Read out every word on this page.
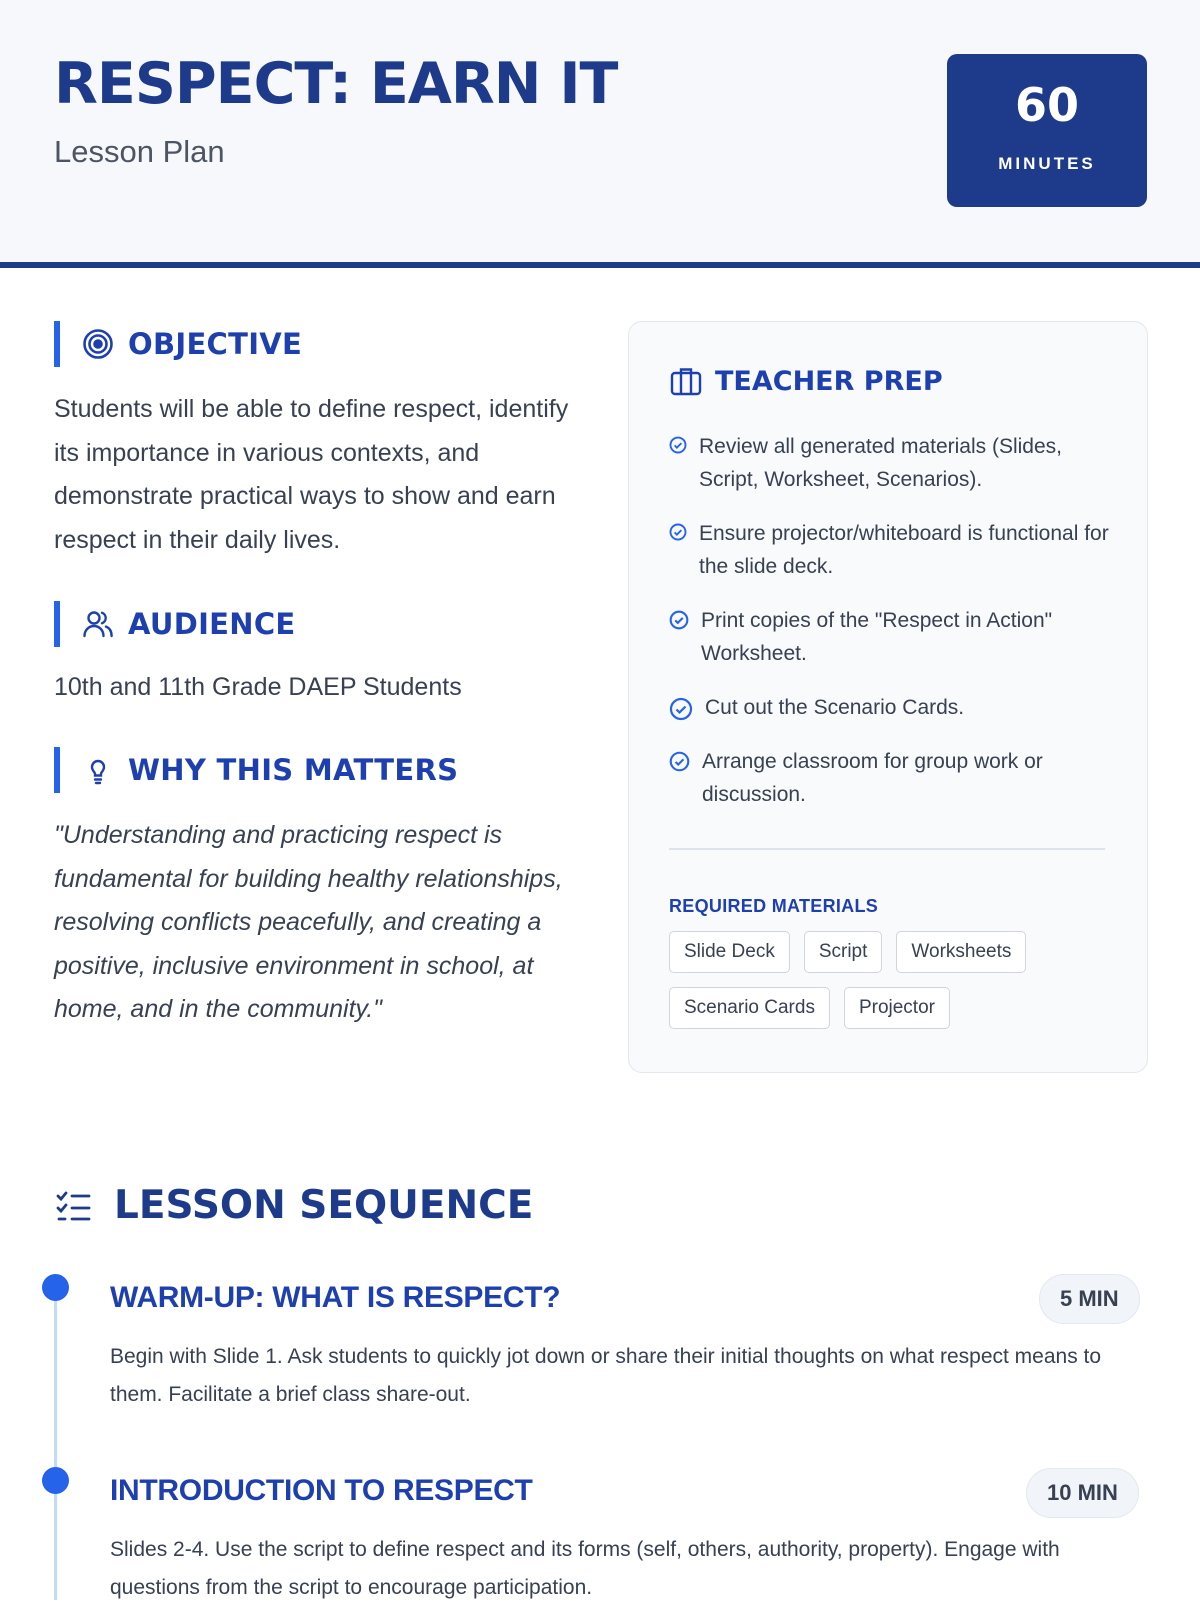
RESPECT: EARN IT
Lesson Plan
60
MINUTES
OBJECTIVE

Students will be able to define respect, identify its importance in various contexts, and demonstrate practical ways to show and earn respect in their daily lives.

AUDIENCE

10th and 11th Grade DAEP Students

WHY THIS MATTERS

"Understanding and practicing respect is fundamental for building healthy relationships, resolving conflicts peacefully, and creating a positive, inclusive environment in school, at home, and in the community."

TEACHER PREP
Review all generated materials (Slides, Script, Worksheet, Scenarios).
Ensure projector/whiteboard is functional for the slide deck.
Print copies of the "Respect in Action" Worksheet.
Cut out the Scenario Cards.
Arrange classroom for group work or discussion.
REQUIRED MATERIALS
Slide Deck	Script	Worksheets
Scenario Cards	Projector
LESSON SEQUENCE
WARM-UP: WHAT IS RESPECT?	5 MIN

Begin with Slide 1. Ask students to quickly jot down or share their initial thoughts on what respect means to them. Facilitate a brief class share-out.

INTRODUCTION TO RESPECT	10 MIN

Slides 2-4. Use the script to define respect and its forms (self, others, authority, property). Engage with questions from the script to encourage participation.
